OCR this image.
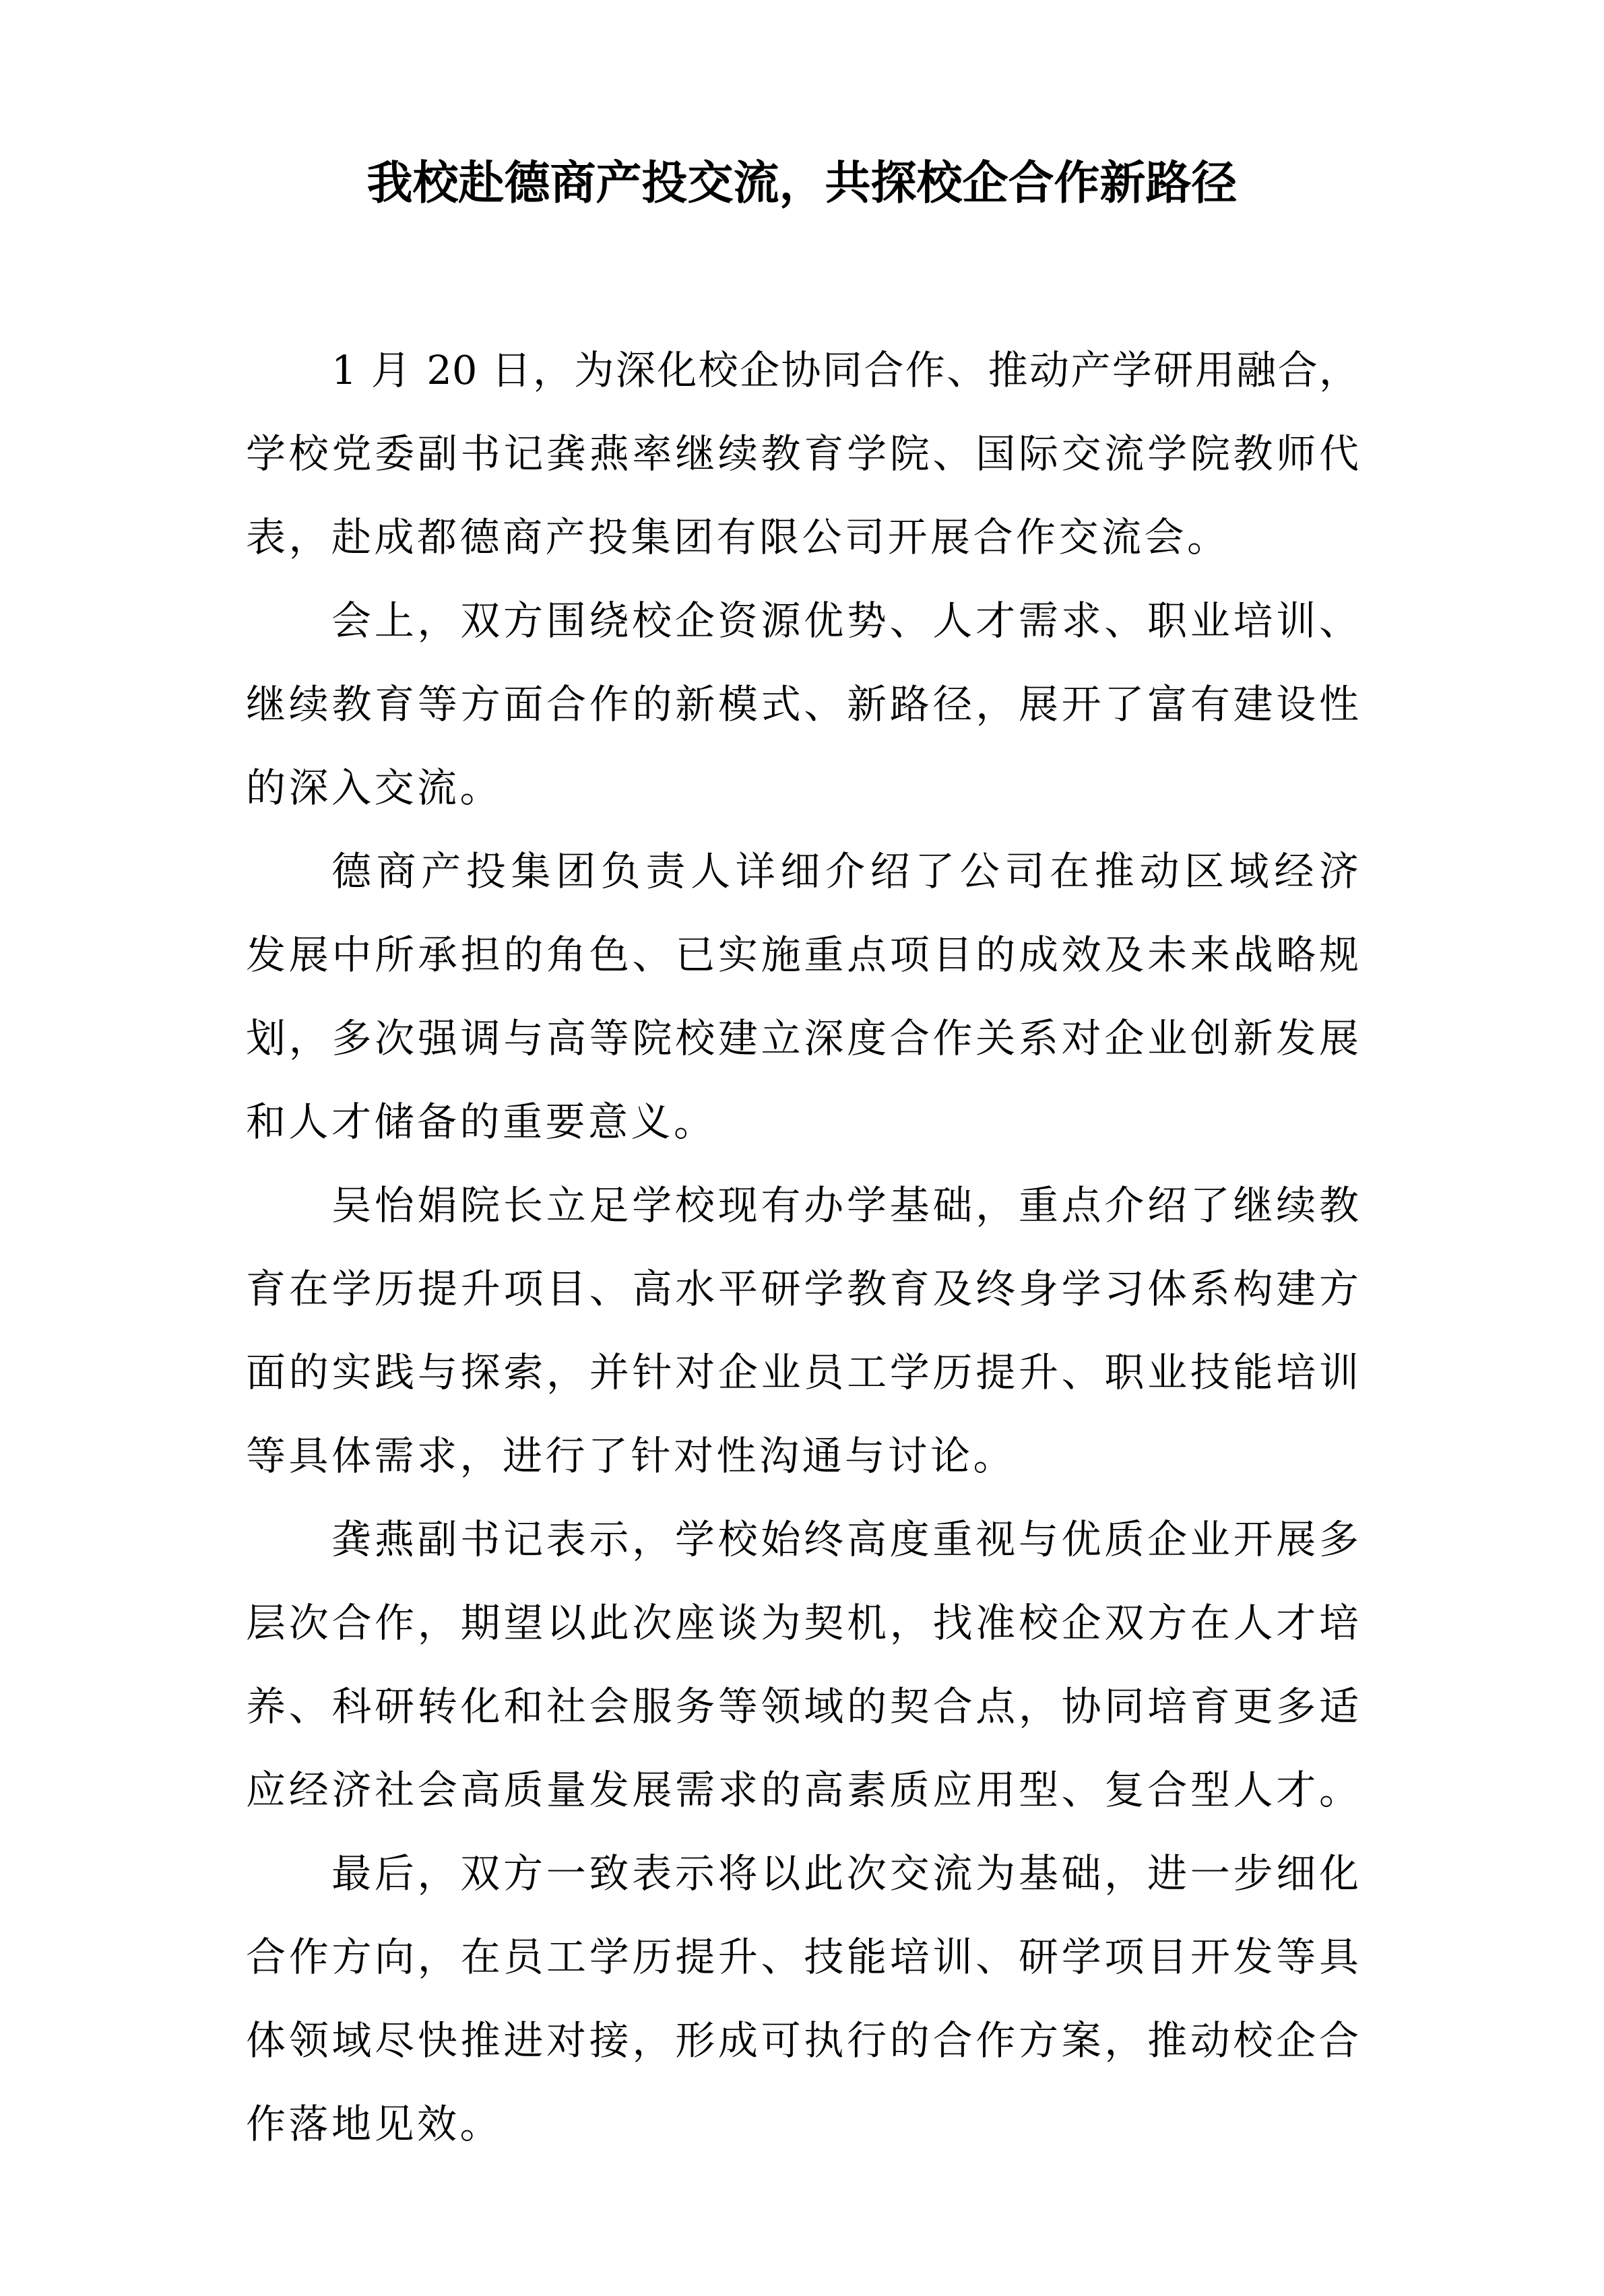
我校赴德商产投交流，共探校企合作新路径
1 月 20 日，为深化校企协同合作、推动产学研用融合，
学校党委副书记龚燕率继续教育学院、国际交流学院教师代
表，赴成都德商产投集团有限公司开展合作交流会。
会上，双方围绕校企资源优势、人才需求、职业培训、
继续教育等方面合作的新模式、新路径，展开了富有建设性
的深入交流。
德商产投集团负责人详细介绍了公司在推动区域经济
发展中所承担的角色、已实施重点项目的成效及未来战略规
划，多次强调与高等院校建立深度合作关系对企业创新发展
和人才储备的重要意义。
吴怡娟院长立足学校现有办学基础，重点介绍了继续教
育在学历提升项目、高水平研学教育及终身学习体系构建方
面的实践与探索，并针对企业员工学历提升、职业技能培训
等具体需求，进行了针对性沟通与讨论。
龚燕副书记表示，学校始终高度重视与优质企业开展多
层次合作，期望以此次座谈为契机，找准校企双方在人才培
养、科研转化和社会服务等领域的契合点，协同培育更多适
应经济社会高质量发展需求的高素质应用型、复合型人才。
最后，双方一致表示将以此次交流为基础，进一步细化
合作方向，在员工学历提升、技能培训、研学项目开发等具
体领域尽快推进对接，形成可执行的合作方案，推动校企合
作落地见效。
